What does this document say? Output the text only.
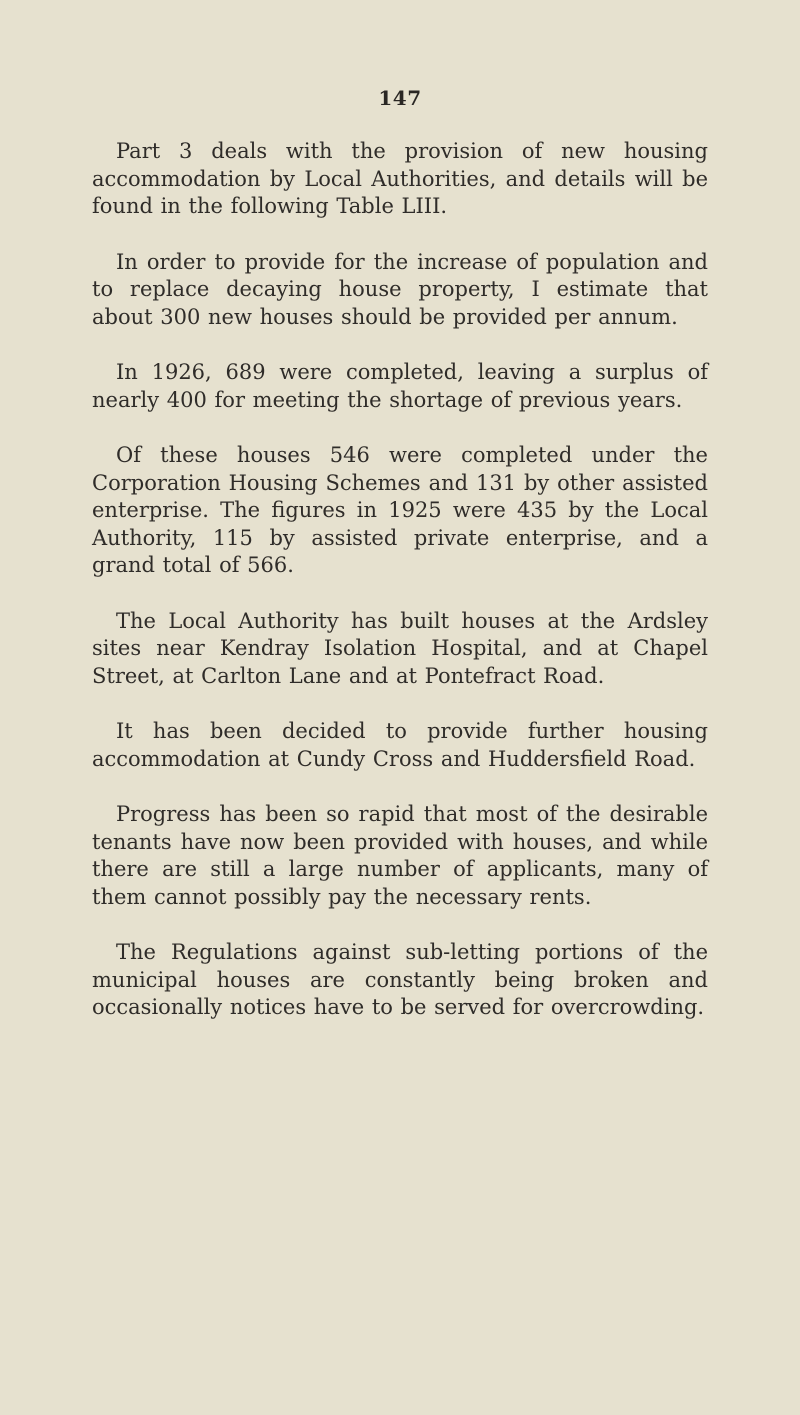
147

Part 3 deals with the provision of new housing accommodation by Local Authorities, and details will be found in the following Table LIII.

In order to provide for the increase of population and to replace decaying house property, I estimate that about 300 new houses should be provided per annum.

In 1926, 689 were completed, leaving a surplus of nearly 400 for meeting the shortage of previous years.

Of these houses 546 were completed under the Corporation Housing Schemes and 131 by other assisted enterprise. The figures in 1925 were 435 by the Local Authority, 115 by assisted private enterprise, and a grand total of 566.

The Local Authority has built houses at the Ardsley sites near Kendray Isolation Hospital, and at Chapel Street, at Carlton Lane and at Pontefract Road.

It has been decided to provide further housing accommodation at Cundy Cross and Huddersfield Road.

Progress has been so rapid that most of the desirable tenants have now been provided with houses, and while there are still a large number of applicants, many of them cannot possibly pay the necessary rents.

The Regulations against sub-letting portions of the municipal houses are constantly being broken and occasionally notices have to be served for overcrowding.
